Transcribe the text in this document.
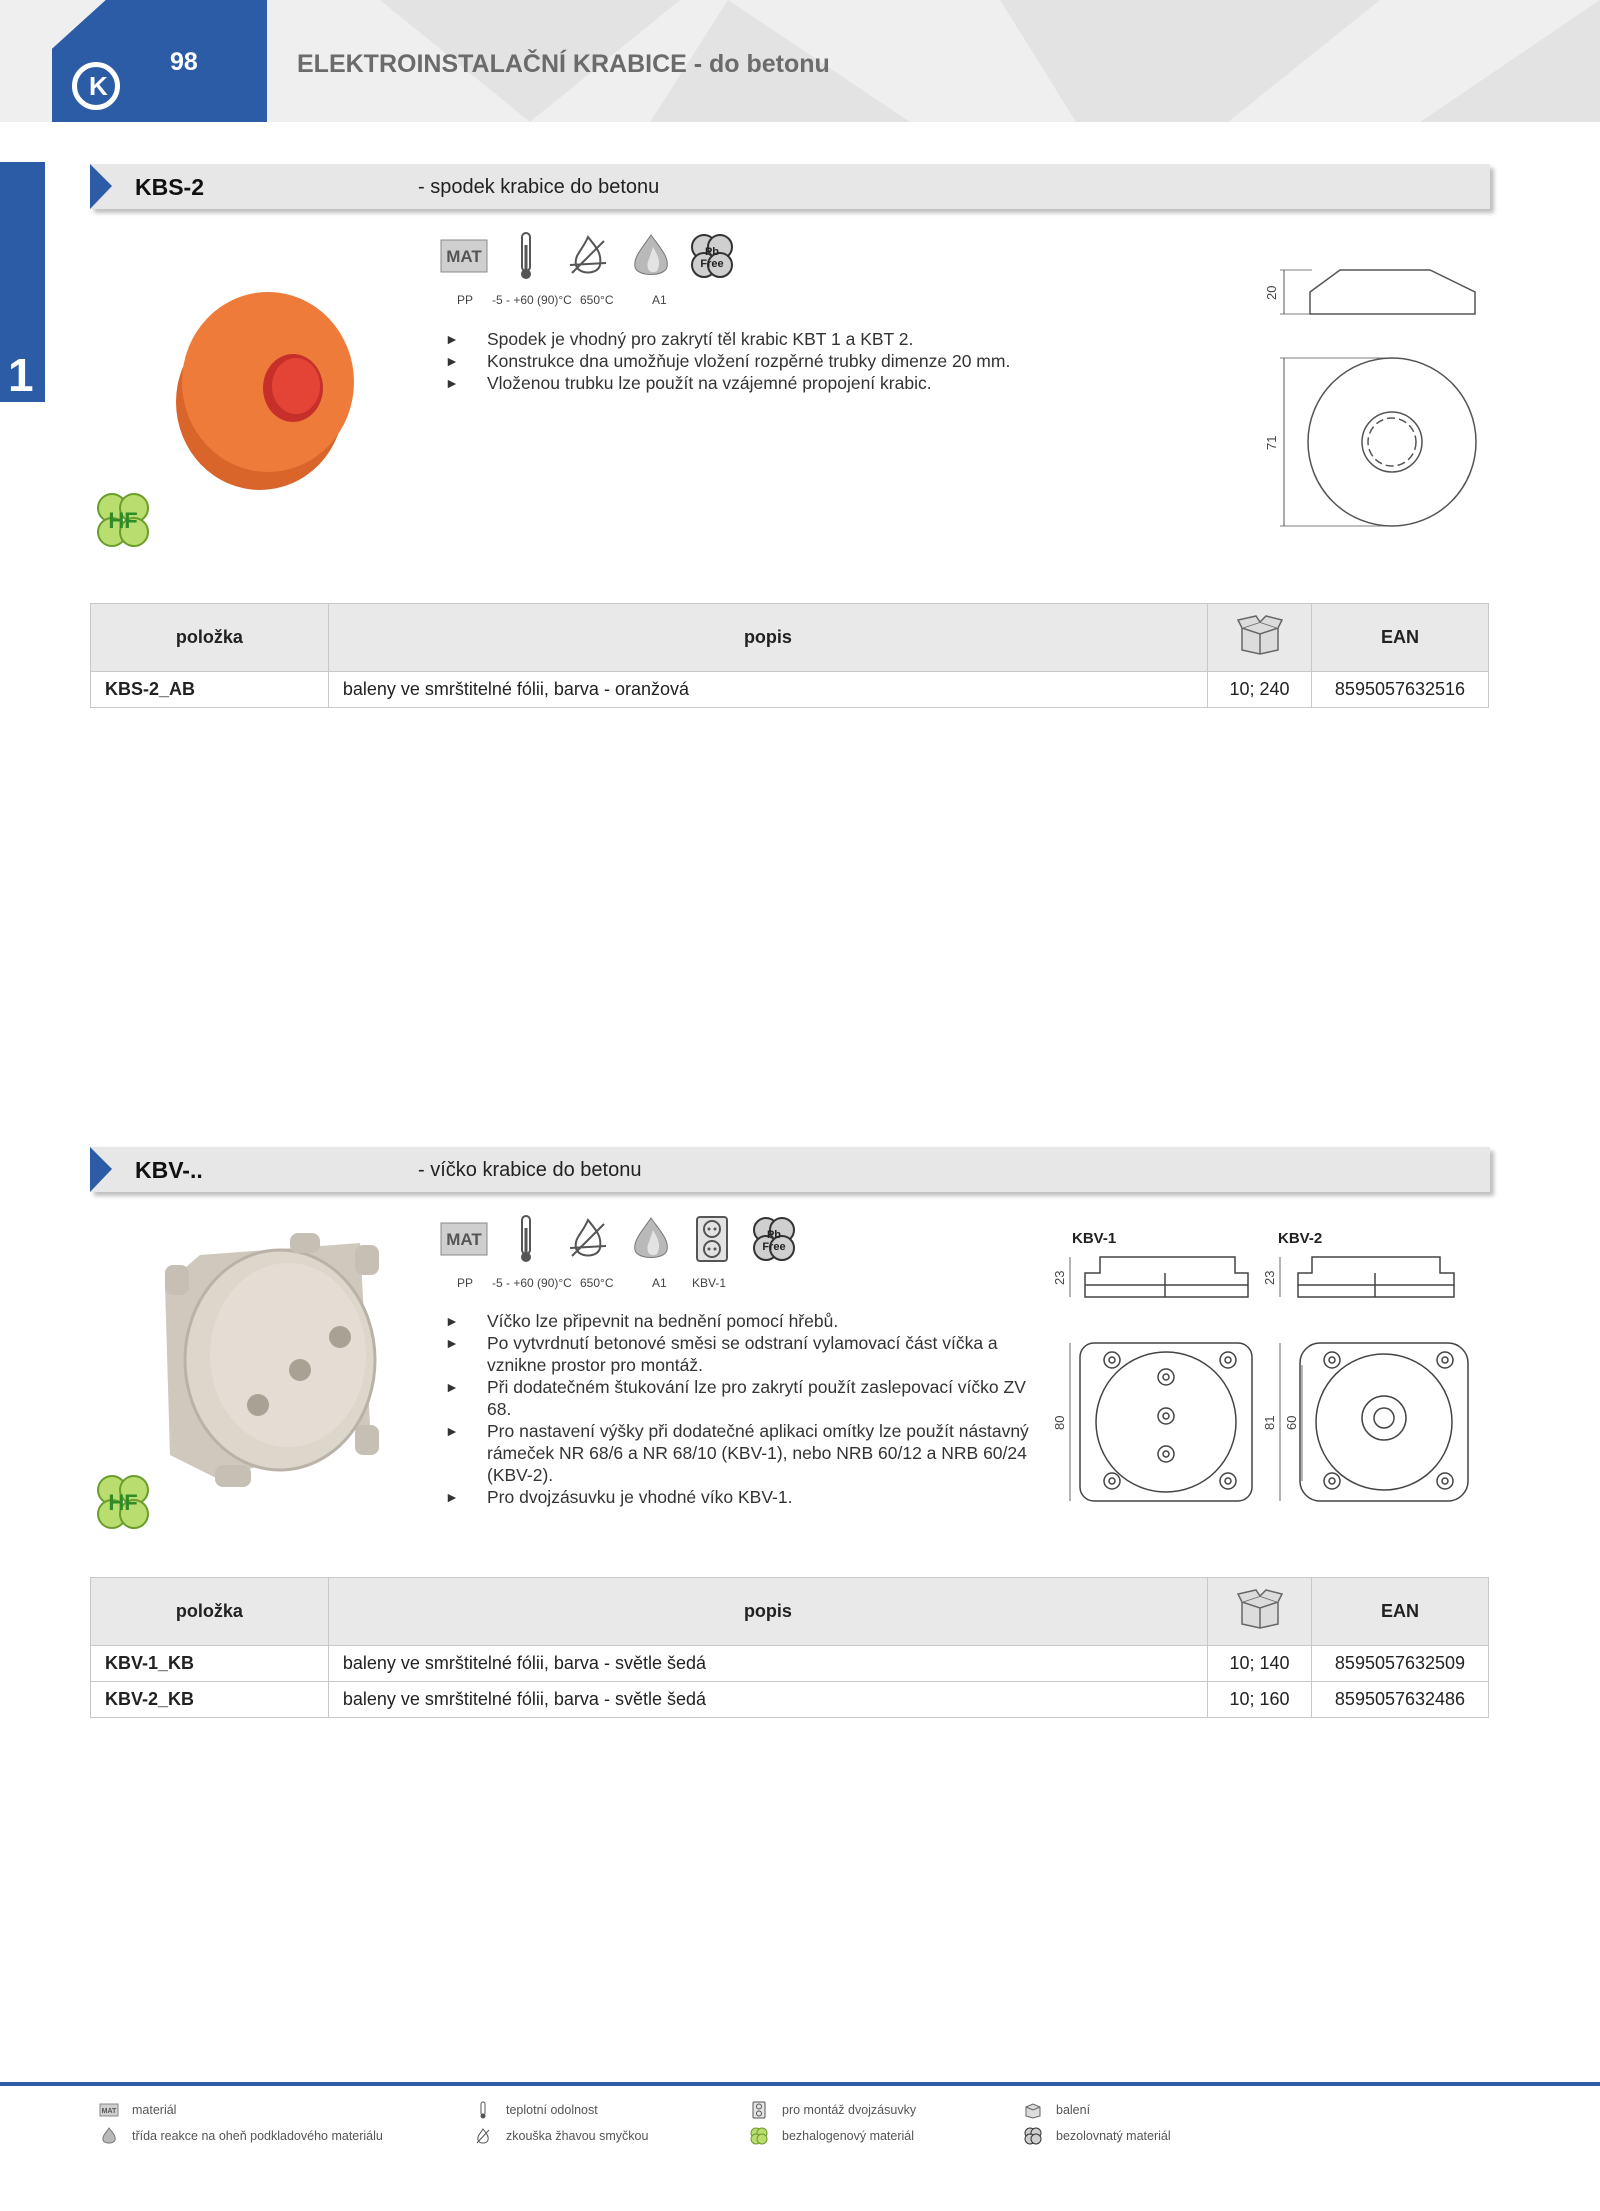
K
98	ELEKTROINSTALAČNÍ KRABICE - do betonu
1
KBS-2	- spodek krabice do betonu
HF
MAT	Pb
Free
PP -5 - +60 (90)°C 650°C	A1
► Spodek je vhodný pro zakrytí těl krabic KBT 1 a KBT 2.
► Konstrukce dna umožňuje vložení rozpěrné trubky dimenze 20 mm.
► Vloženou trubku lze použít na vzájemné propojení krabic.
20
71
položka	popis		EAN
KBS-2_AB	baleny ve smrštitelné fólii, barva - oranžová	10; 240	8595057632516
KBV-..	- víčko krabice do betonu
HF
MAT	Pb
Free
PP -5 - +60 (90)°C 650°C	A1 KBV-1
► Víčko lze připevnit na bednění pomocí hřebů.
► Po vytvrdnutí betonové směsi se odstraní vylamovací část víčka a vznikne prostor pro montáž.
► Při dodatečném štukování lze pro zakrytí použít zaslepovací víčko ZV 68.
► Pro nastavení výšky při dodatečné aplikaci omítky lze použít nástavný rámeček NR 68/6 a NR 68/10 (KBV-1), nebo NRB 60/12 a NRB 60/24 (KBV-2).
► Pro dvojzásuvku je vhodné víko KBV-1.
KBV-1	KBV-2
23
80
23
81 60
položka	popis		EAN
KBV-1_KB	baleny ve smrštitelné fólii, barva - světle šedá	10; 140	8595057632509
KBV-2_KB	baleny ve smrštitelné fólii, barva - světle šedá	10; 160	8595057632486
MAT materiál
třída reakce na oheň podkladového materiálu
teplotní odolnost
zkouška žhavou smyčkou
pro montáž dvojzásuvky
bezhalogenový materiál
balení
bezolovnatý materiál
